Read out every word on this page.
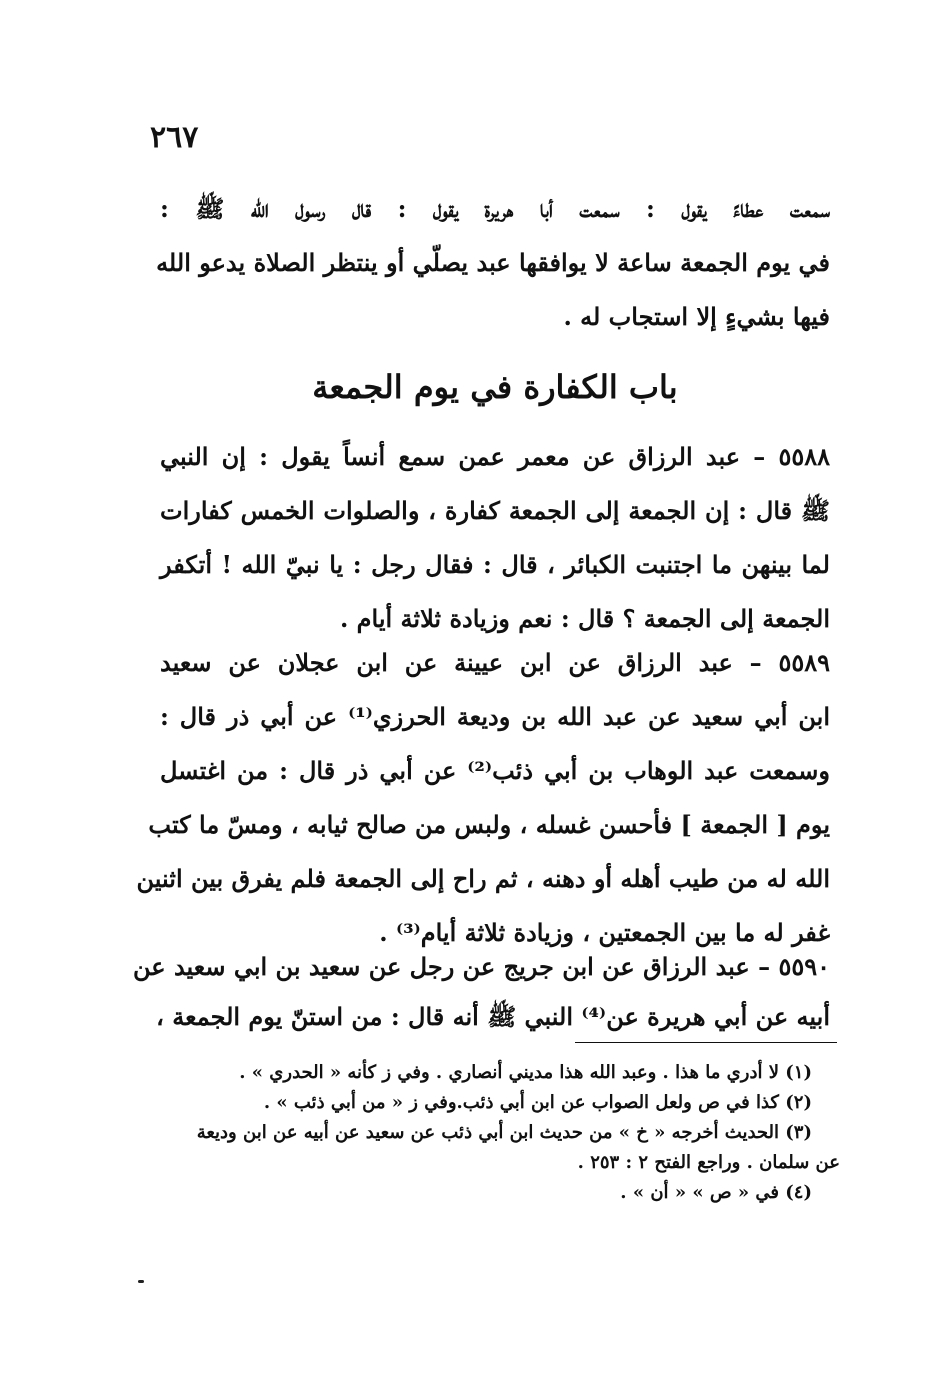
٢٦٧
سمعت عطاءً يقول : سمعت أبا هريرة يقول : قال رسول الله ﷺ :
في يوم الجمعة ساعة لا يوافقها عبد يصلّي أو ينتظر الصلاة يدعو الله
فيها بشيءٍ إلا استجاب له .
باب الكفارة في يوم الجمعة
٥٥٨٨ – عبد الرزاق عن معمر عمن سمع أنساً يقول : إن النبي
ﷺ قال : إن الجمعة إلى الجمعة كفارة ، والصلوات الخمس كفارات
لما بينهن ما اجتنبت الكبائر ، قال : فقال رجل : يا نبيّ الله ! أتكفر
الجمعة إلى الجمعة ؟ قال : نعم وزيادة ثلاثة أيام .
٥٥٨٩ – عبد الرزاق عن ابن عيينة عن ابن عجلان عن سعيد
ابن أبي سعيد عن عبد الله بن وديعة الحرزي⁽¹⁾ عن أبي ذر قال :
وسمعت عبد الوهاب بن أبي ذئب⁽²⁾ عن أبي ذر قال : من اغتسل
يوم [ الجمعة ] فأحسن غسله ، ولبس من صالح ثيابه ، ومسّ ما كتب
الله له من طيب أهله أو دهنه ، ثم راح إلى الجمعة فلم يفرق بين اثنين
غفر له ما بين الجمعتين ، وزيادة ثلاثة أيام⁽³⁾ .
٥٥٩٠ – عبد الرزاق عن ابن جريج عن رجل عن سعيد بن ابي سعيد عن
أبيه عن أبي هريرة عن⁽⁴⁾ النبي ﷺ أنه قال : من استنّ يوم الجمعة ،
(١) لا أدري ما هذا . وعبد الله هذا مديني أنصاري . وفي ز كأنه « الحدري » .
(٢) كذا في ص ولعل الصواب عن ابن أبي ذئب.وفي ز « من أبي ذئب » .
(٣) الحديث أخرجه « خ » من حديث ابن أبي ذئب عن سعيد عن أبيه عن ابن وديعة
عن سلمان . وراجع الفتح ٢ : ٢٥٣ .
(٤) في « ص » « أن » .
